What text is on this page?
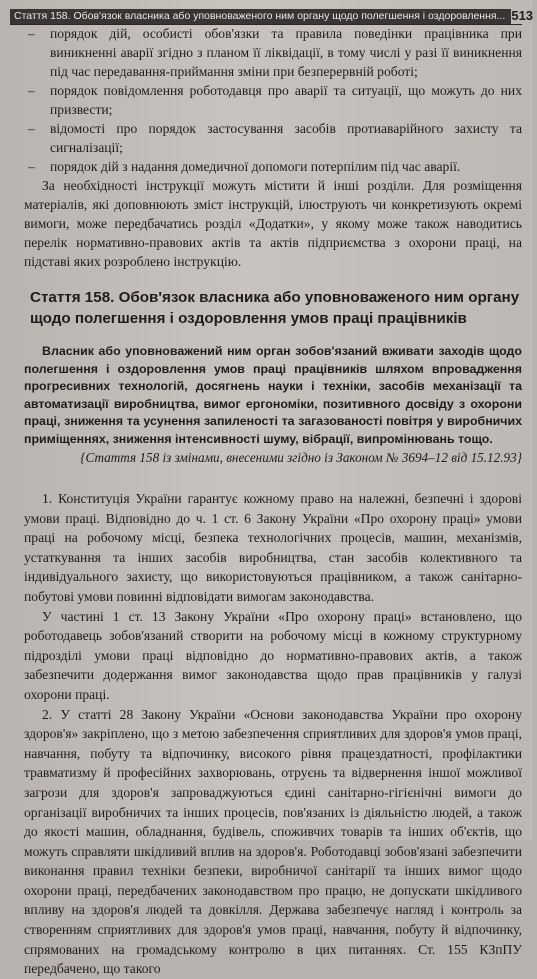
Стаття 158. Обов'язок власника або уповноваженого ним органу щодо полегшення і оздоровлення... 513
– порядок дій, особисті обов'язки та правила поведінки працівника при виникненні аварії згідно з планом її ліквідації, в тому числі у разі її виникнення під час передавання-приймання зміни при безперервній роботі;
– порядок повідомлення роботодавця про аварії та ситуації, що можуть до них призвести;
– відомості про порядок застосування засобів протиаварійного захисту та сигналізації;
– порядок дій з надання домедичної допомоги потерпілим під час аварії.

За необхідності інструкції можуть містити й інші розділи. Для розміщення матеріалів, які доповнюють зміст інструкцій, ілюструють чи конкретизують окремі вимоги, може передбачатись розділ «Додатки», у якому може також наводитись перелік нормативно-правових актів та актів підприємства з охорони праці, на підставі яких розроблено інструкцію.

Стаття 158. Обов'язок власника або уповноваженого ним органу щодо полегшення і оздоровлення умов праці працівників

Власник або уповноважений ним орган зобов'язаний вживати заходів щодо полегшення і оздоровлення умов праці працівників шляхом впровадження прогресивних технологій, досягнень науки і техніки, засобів механізації та автоматизації виробництва, вимог ергономіки, позитивного досвіду з охорони праці, зниження та усунення запиленості та загазованості повітря у виробничих приміщеннях, зниження інтенсивності шуму, вібрації, випромінювань тощо.

{Стаття 158 із змінами, внесеними згідно із Законом № 3694–12 від 15.12.93}

1. Конституція України гарантує кожному право на належні, безпечні і здорові умови праці. Відповідно до ч. 1 ст. 6 Закону України «Про охорону праці» умови праці на робочому місці, безпека технологічних процесів, машин, механізмів, устаткування та інших засобів виробництва, стан засобів колективного та індивідуального захисту, що використовуються працівником, а також санітарно-побутові умови повинні відповідати вимогам законодавства.

У частині 1 ст. 13 Закону України «Про охорону праці» встановлено, що роботодавець зобов'язаний створити на робочому місці в кожному структурному підрозділі умови праці відповідно до нормативно-правових актів, а також забезпечити додержання вимог законодавства щодо прав працівників у галузі охорони праці.

2. У статті 28 Закону України «Основи законодавства України про охорону здоров'я» закріплено, що з метою забезпечення сприятливих для здоров'я умов праці, навчання, побуту та відпочинку, високого рівня працездатності, профілактики травматизму й професійних захворювань, отруєнь та відвернення іншої можливої загрози для здоров'я запроваджуються єдині санітарно-гігієнічні вимоги до організації виробничих та інших процесів, пов'язаних із діяльністю людей, а також до якості машин, обладнання, будівель, споживчих товарів та інших об'єктів, що можуть справляти шкідливий вплив на здоров'я. Роботодавці зобов'язані забезпечити виконання правил техніки безпеки, виробничої санітарії та інших вимог щодо охорони праці, передбачених законодавством про працю, не допускати шкідливого впливу на здоров'я людей та довкілля. Держава забезпечує нагляд і контроль за створенням сприятливих для здоров'я умов праці, навчання, побуту й відпочинку, спрямованих на громадському контролю в цих питаннях. Ст. 155 КЗпПУ передбачено, що такого
